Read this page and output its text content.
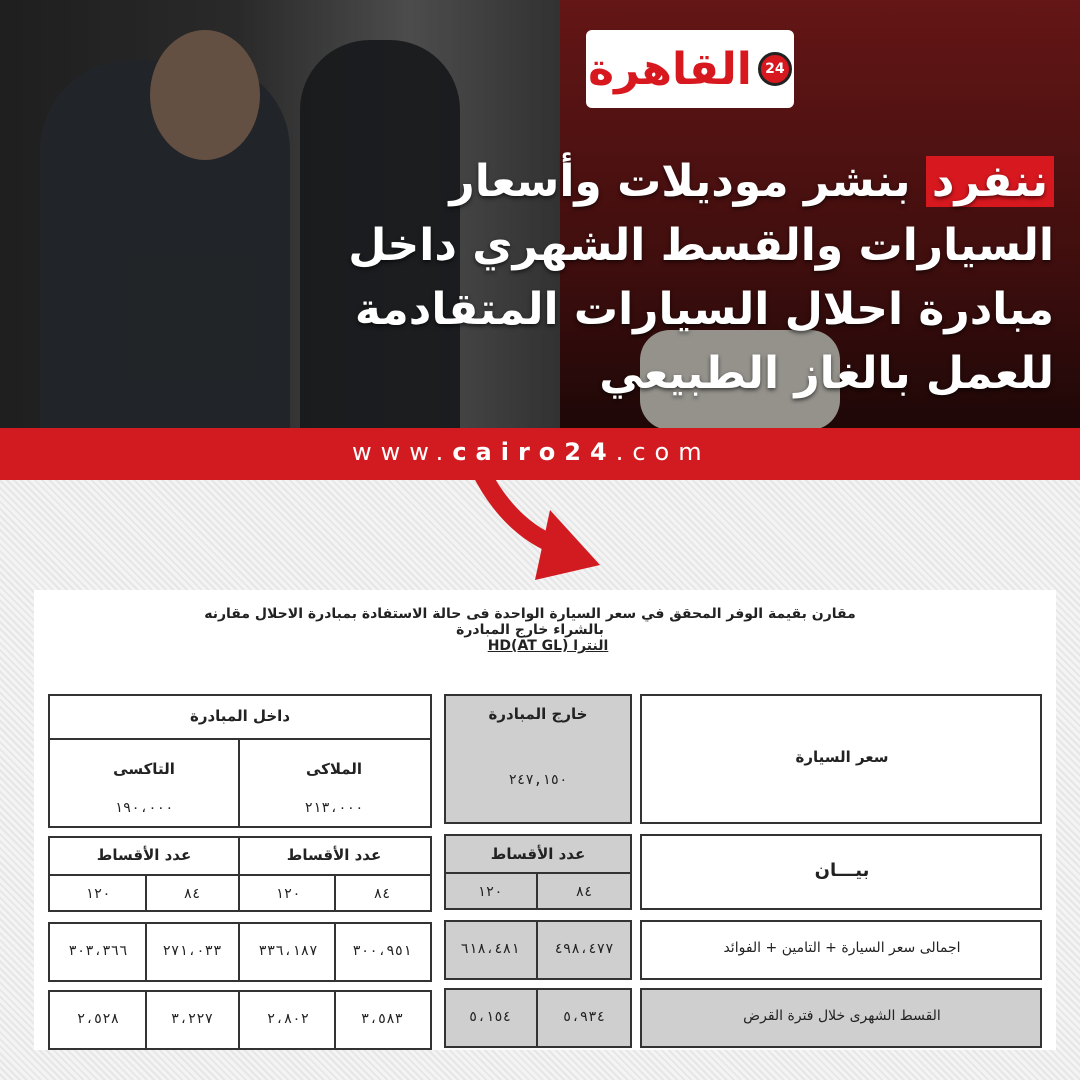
القاهرة 24
ننفرد بنشر موديلات وأسعار السيارات والقسط الشهري داخل مبادرة احلال السيارات المتقادمة للعمل بالغاز الطبيعي
www.cairo24.com
مقارن بقيمة الوفر المحقق في سعر السيارة الواحدة فى حالة الاستفادة بمبادرة الاحلال مقارنه بالشراء خارج المبادرة
النترا HD(AT GL)
سعر السيارة
خارج المبادرة
٢٤٧,١٥٠
داخل المبادرة
الملاكى
التاكسى
٢١٣،٠٠٠
١٩٠،٠٠٠
بيـــان
عدد الأقساط
٨٤
١٢٠
عدد الأقساط
عدد الأقساط
٨٤
١٢٠
٨٤
١٢٠
اجمالى سعر السيارة + التامين + الفوائد
٤٩٨،٤٧٧
٦١٨،٤٨١
٣٠٠،٩٥١
٣٣٦،١٨٧
٢٧١،٠٣٣
٣٠٣،٣٦٦
القسط الشهرى خلال فترة القرض
٥،٩٣٤
٥،١٥٤
٣،٥٨٣
٢،٨٠٢
٣،٢٢٧
٢،٥٢٨
